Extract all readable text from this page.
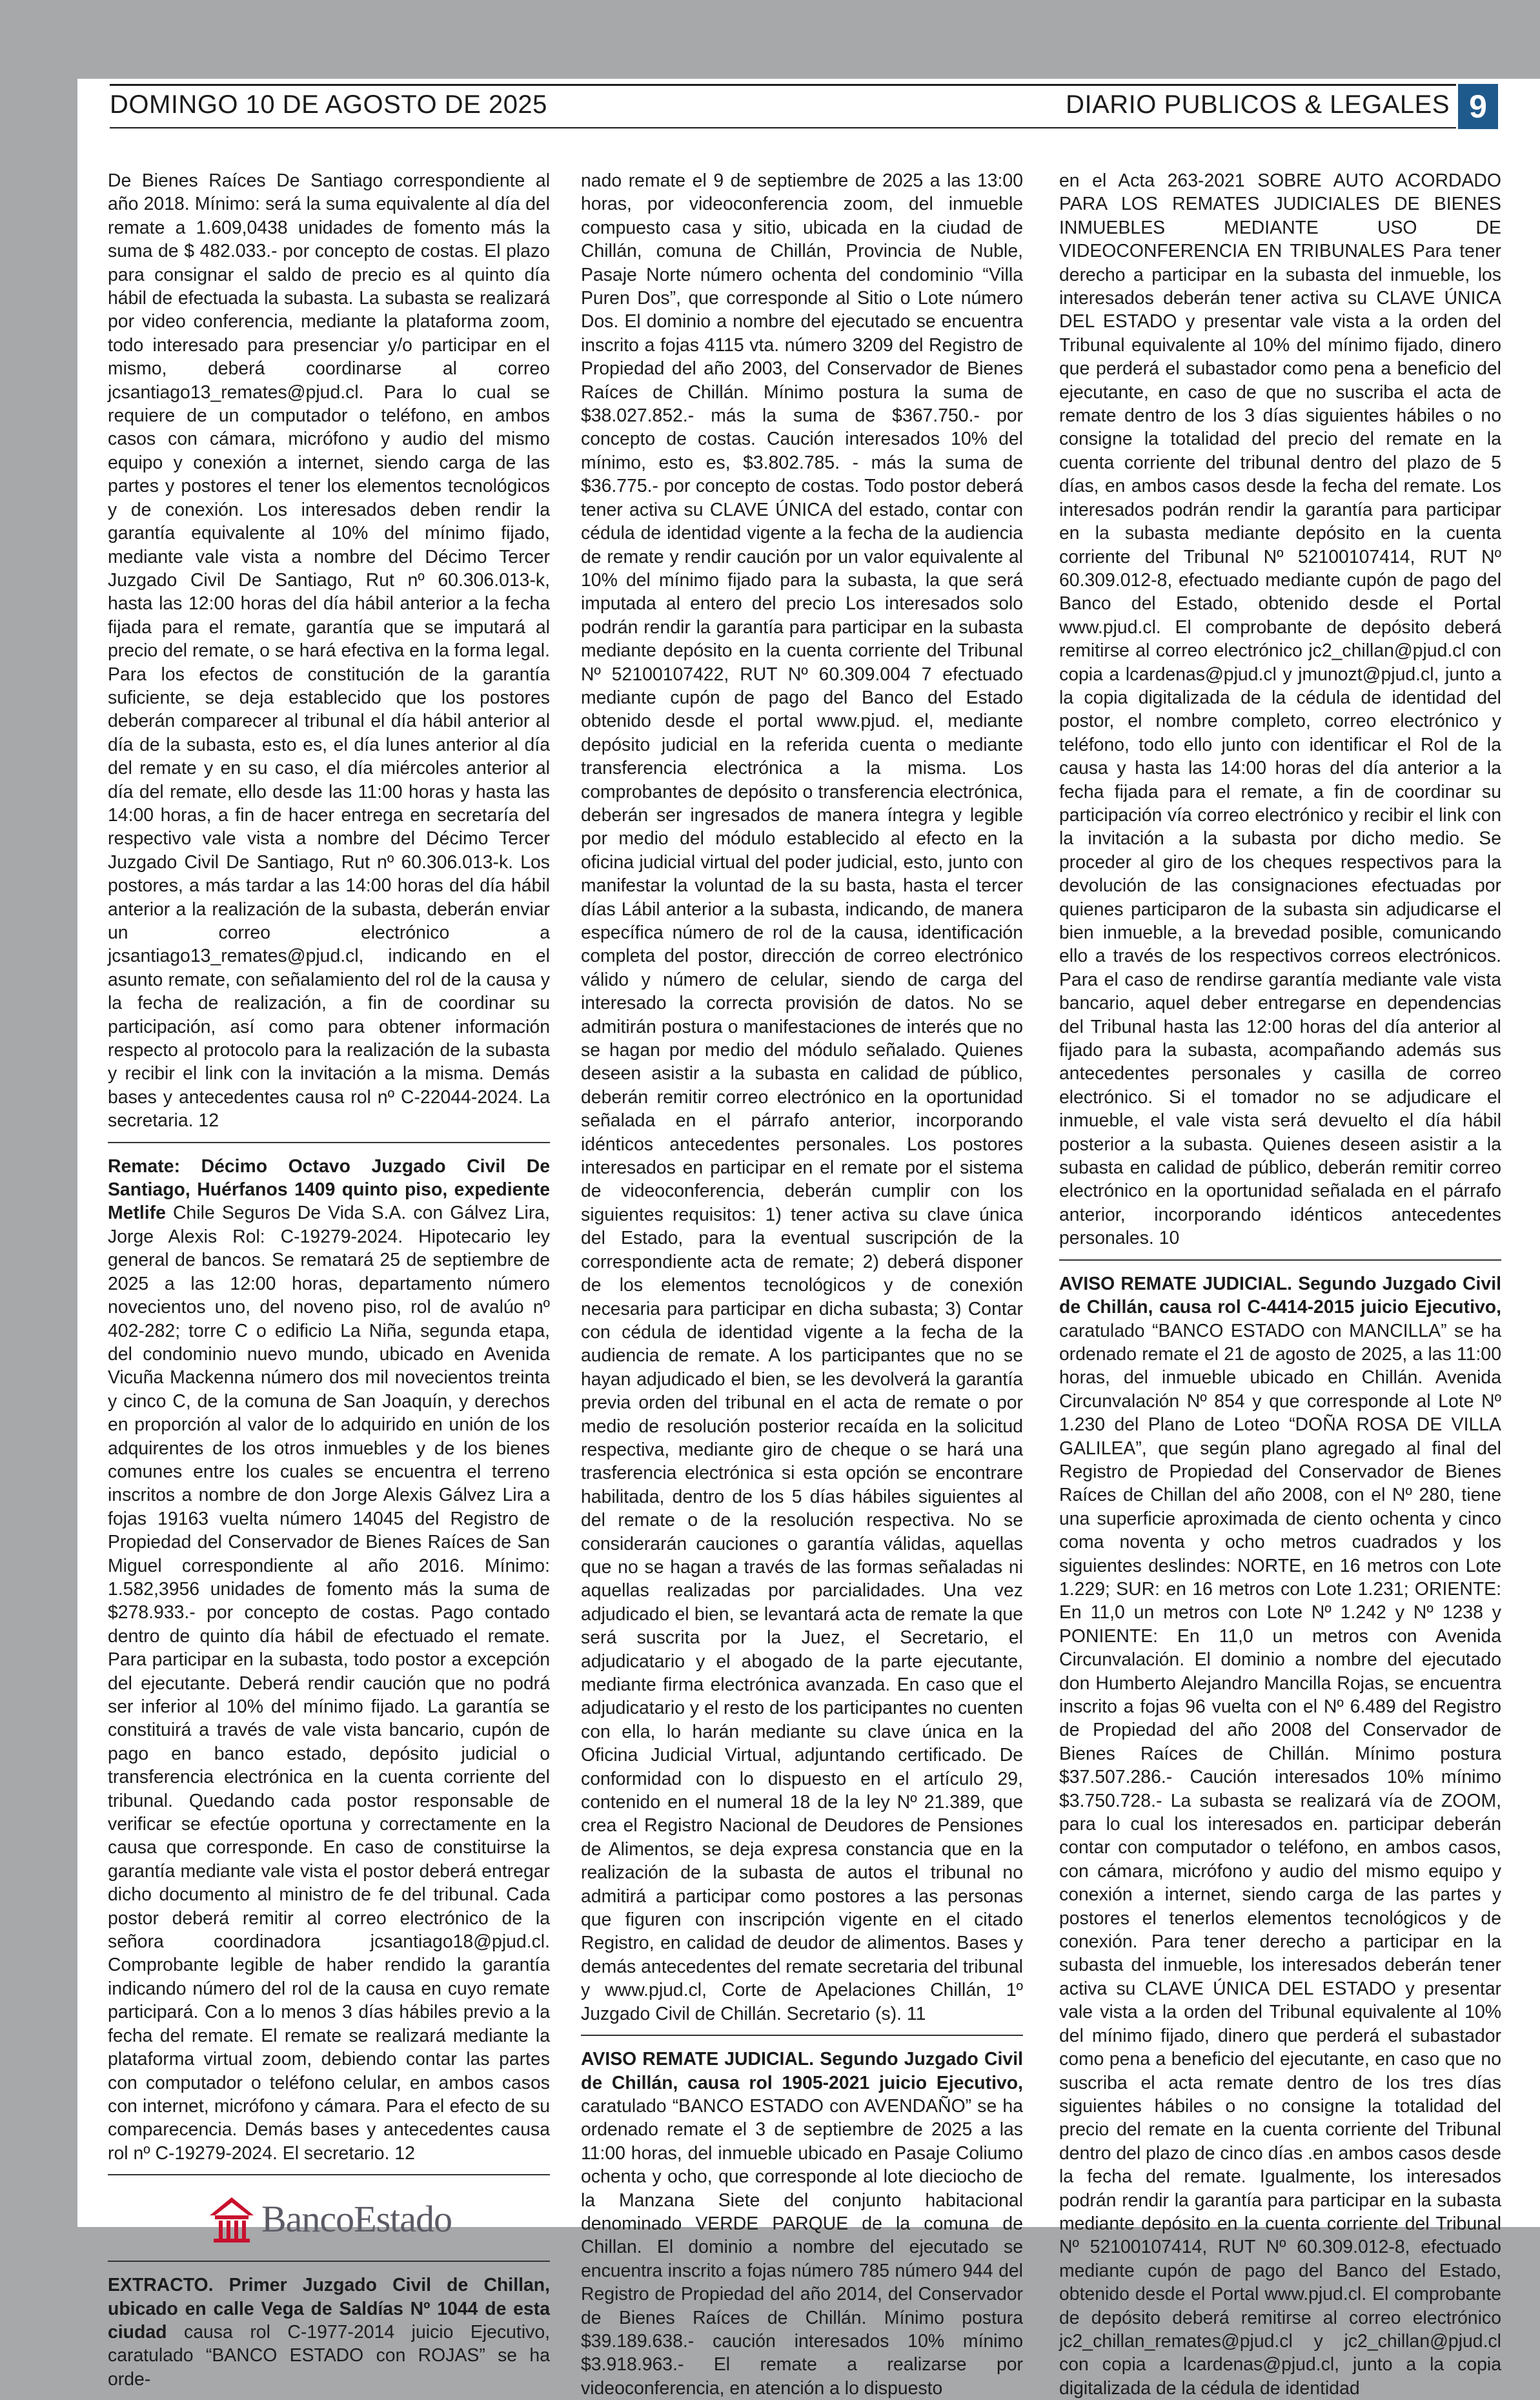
DOMINGO 10 DE AGOSTO DE 2025	DIARIO PUBLICOS & LEGALES 9

De Bienes Raíces De Santiago correspondiente al año 2018. Mínimo: será la suma equivalente al día del remate a 1.609,0438 unidades de fomento más la suma de $ 482.033.- por concepto de costas. El plazo para consignar el saldo de precio es al quinto día hábil de efectuada la subasta. La subasta se realizará por video conferencia, mediante la plataforma zoom, todo interesado para presenciar y/o participar en el mismo, deberá coordinarse al correo jcsantiago13_remates@pjud.cl. Para lo cual se requiere de un computador o teléfono, en ambos casos con cámara, micrófono y audio del mismo equipo y conexión a internet, siendo carga de las partes y postores el tener los elementos tecnológicos y de conexión. Los interesados deben rendir la garantía equivalente al 10% del mínimo fijado, mediante vale vista a nombre del Décimo Tercer Juzgado Civil De Santiago, Rut nº 60.306.013-k, hasta las 12:00 horas del día hábil anterior a la fecha fijada para el remate, garantía que se imputará al precio del remate, o se hará efectiva en la forma legal. Para los efectos de constitución de la garantía suficiente, se deja establecido que los postores deberán comparecer al tribunal el día hábil anterior al día de la subasta, esto es, el día lunes anterior al día del remate y en su caso, el día miércoles anterior al día del remate, ello desde las 11:00 horas y hasta las 14:00 horas, a fin de hacer entrega en secretaría del respectivo vale vista a nombre del Décimo Tercer Juzgado Civil De Santiago, Rut nº 60.306.013-k. Los postores, a más tardar a las 14:00 horas del día hábil anterior a la realización de la subasta, deberán enviar un correo electrónico a jcsantiago13_remates@pjud.cl, indicando en el asunto remate, con señalamiento del rol de la causa y la fecha de realización, a fin de coordinar su participación, así como para obtener información respecto al protocolo para la realización de la subasta y recibir el link con la invitación a la misma. Demás bases y antecedentes causa rol nº C-22044-2024. La secretaria. 12

Remate: Décimo Octavo Juzgado Civil De Santiago, Huérfanos 1409 quinto piso, expediente Metlife Chile Seguros De Vida S.A. con Gálvez Lira, Jorge Alexis Rol: C-19279-2024. Hipotecario ley general de bancos. Se rematará 25 de septiembre de 2025 a las 12:00 horas, departamento número novecientos uno, del noveno piso, rol de avalúo nº 402-282; torre C o edificio La Niña, segunda etapa, del condominio nuevo mundo, ubicado en Avenida Vicuña Mackenna número dos mil novecientos treinta y cinco C, de la comuna de San Joaquín, y derechos en proporción al valor de lo adquirido en unión de los adquirentes de los otros inmuebles y de los bienes comunes entre los cuales se encuentra el terreno inscritos a nombre de don Jorge Alexis Gálvez Lira a fojas 19163 vuelta número 14045 del Registro de Propiedad del Conservador de Bienes Raíces de San Miguel correspondiente al año 2016. Mínimo: 1.582,3956 unidades de fomento más la suma de $278.933.- por concepto de costas. Pago contado dentro de quinto día hábil de efectuado el remate. Para participar en la subasta, todo postor a excepción del ejecutante. Deberá rendir caución que no podrá ser inferior al 10% del mínimo fijado. La garantía se constituirá a través de vale vista bancario, cupón de pago en banco estado, depósito judicial o transferencia electrónica en la cuenta corriente del tribunal. Quedando cada postor responsable de verificar se efectúe oportuna y correctamente en la causa que corresponde. En caso de constituirse la garantía mediante vale vista el postor deberá entregar dicho documento al ministro de fe del tribunal. Cada postor deberá remitir al correo electrónico de la señora coordinadora jcsantiago18@pjud.cl. Comprobante legible de haber rendido la garantía indicando número del rol de la causa en cuyo remate participará. Con a lo menos 3 días hábiles previo a la fecha del remate. El remate se realizará mediante la plataforma virtual zoom, debiendo contar las partes con computador o teléfono celular, en ambos casos con internet, micrófono y cámara. Para el efecto de su comparecencia. Demás bases y antecedentes causa rol nº C-19279-2024. El secretario. 12

BancoEstado

EXTRACTO. Primer Juzgado Civil de Chillan, ubicado en calle Vega de Saldías Nº 1044 de esta ciudad causa rol C-1977-2014 juicio Ejecutivo, caratulado “BANCO ESTADO con ROJAS” se ha orde-

nado remate el 9 de septiembre de 2025 a las 13:00 horas, por videoconferencia zoom, del inmueble compuesto casa y sitio, ubicada en la ciudad de Chillán, comuna de Chillán, Provincia de Nuble, Pasaje Norte número ochenta del condominio “Villa Puren Dos”, que corresponde al Sitio o Lote número Dos. El dominio a nombre del ejecutado se encuentra inscrito a fojas 4115 vta. número 3209 del Registro de Propiedad del año 2003, del Conservador de Bienes Raíces de Chillán. Mínimo postura la suma de $38.027.852.- más la suma de $367.750.- por concepto de costas. Caución interesados 10% del mínimo, esto es, $3.802.785. - más la suma de $36.775.- por concepto de costas. Todo postor deberá tener activa su CLAVE ÚNICA del estado, contar con cédula de identidad vigente a la fecha de la audiencia de remate y rendir caución por un valor equivalente al 10% del mínimo fijado para la subasta, la que será imputada al entero del precio Los interesados solo podrán rendir la garantía para participar en la subasta mediante depósito en la cuenta corriente del Tribunal Nº 52100107422, RUT Nº 60.309.004 7 efectuado mediante cupón de pago del Banco del Estado obtenido desde el portal www.pjud. el, mediante depósito judicial en la referida cuenta o mediante transferencia electrónica a la misma. Los comprobantes de depósito o transferencia electrónica, deberán ser ingresados de manera íntegra y legible por medio del módulo establecido al efecto en la oficina judicial virtual del poder judicial, esto, junto con manifestar la voluntad de la su basta, hasta el tercer días Lábil anterior a la subasta, indicando, de manera específica número de rol de la causa, identificación completa del postor, dirección de correo electrónico válido y número de celular, siendo de carga del interesado la correcta provisión de datos. No se admitirán postura o manifestaciones de interés que no se hagan por medio del módulo señalado. Quienes deseen asistir a la subasta en calidad de público, deberán remitir correo electrónico en la oportunidad señalada en el párrafo anterior, incorporando idénticos antecedentes personales. Los postores interesados en participar en el remate por el sistema de videoconferencia, deberán cumplir con los siguientes requisitos: 1) tener activa su clave única del Estado, para la eventual suscripción de la correspondiente acta de remate; 2) deberá disponer de los elementos tecnológicos y de conexión necesaria para participar en dicha subasta; 3) Contar con cédula de identidad vigente a la fecha de la audiencia de remate. A los participantes que no se hayan adjudicado el bien, se les devolverá la garantía previa orden del tribunal en el acta de remate o por medio de resolución posterior recaída en la solicitud respectiva, mediante giro de cheque o se hará una trasferencia electrónica si esta opción se encontrare habilitada, dentro de los 5 días hábiles siguientes al del remate o de la resolución respectiva. No se considerarán cauciones o garantía válidas, aquellas que no se hagan a través de las formas señaladas ni aquellas realizadas por parcialidades. Una vez adjudicado el bien, se levantará acta de remate la que será suscrita por la Juez, el Secretario, el adjudicatario y el abogado de la parte ejecutante, mediante firma electrónica avanzada. En caso que el adjudicatario y el resto de los participantes no cuenten con ella, lo harán mediante su clave única en la Oficina Judicial Virtual, adjuntando certificado. De conformidad con lo dispuesto en el artículo 29, contenido en el numeral 18 de la ley Nº 21.389, que crea el Registro Nacional de Deudores de Pensiones de Alimentos, se deja expresa constancia que en la realización de la subasta de autos el tribunal no admitirá a participar como postores a las personas que figuren con inscripción vigente en el citado Registro, en calidad de deudor de alimentos. Bases y demás antecedentes del remate secretaria del tribunal y www.pjud.cl, Corte de Apelaciones Chillán, 1º Juzgado Civil de Chillán. Secretario (s). 11

AVISO REMATE JUDICIAL. Segundo Juzgado Civil de Chillán, causa rol 1905-2021 juicio Ejecutivo, caratulado “BANCO ESTADO con AVENDAÑO” se ha ordenado remate el 3 de septiembre de 2025 a las 11:00 horas, del inmueble ubicado en Pasaje Coliumo ochenta y ocho, que corresponde al lote dieciocho de la Manzana Siete del conjunto habitacional denominado VERDE PARQUE de la comuna de Chillan. El dominio a nombre del ejecutado se encuentra inscrito a fojas número 785 número 944 del Registro de Propiedad del año 2014, del Conservador de Bienes Raíces de Chillán. Mínimo postura $39.189.638.- caución interesados 10% mínimo $3.918.963.- El remate a realizarse por videoconferencia, en atención a lo dispuesto

en el Acta 263-2021 SOBRE AUTO ACORDADO PARA LOS REMATES JUDICIALES DE BIENES INMUEBLES MEDIANTE USO DE VIDEOCONFERENCIA EN TRIBUNALES Para tener derecho a participar en la subasta del inmueble, los interesados deberán tener activa su CLAVE ÚNICA DEL ESTADO y presentar vale vista a la orden del Tribunal equivalente al 10% del mínimo fijado, dinero que perderá el subastador como pena a beneficio del ejecutante, en caso de que no suscriba el acta de remate dentro de los 3 días siguientes hábiles o no consigne la totalidad del precio del remate en la cuenta corriente del tribunal dentro del plazo de 5 días, en ambos casos desde la fecha del remate. Los interesados podrán rendir la garantía para participar en la subasta mediante depósito en la cuenta corriente del Tribunal Nº 52100107414, RUT Nº 60.309.012-8, efectuado mediante cupón de pago del Banco del Estado, obtenido desde el Portal www.pjud.cl. El comprobante de depósito deberá remitirse al correo electrónico jc2_chillan@pjud.cl con copia a lcardenas@pjud.cl y jmunozt@pjud.cl, junto a la copia digitalizada de la cédula de identidad del postor, el nombre completo, correo electrónico y teléfono, todo ello junto con identificar el Rol de la causa y hasta las 14:00 horas del día anterior a la fecha fijada para el remate, a fin de coordinar su participación vía correo electrónico y recibir el link con la invitación a la subasta por dicho medio. Se proceder al giro de los cheques respectivos para la devolución de las consignaciones efectuadas por quienes participaron de la subasta sin adjudicarse el bien inmueble, a la brevedad posible, comunicando ello a través de los respectivos correos electrónicos. Para el caso de rendirse garantía mediante vale vista bancario, aquel deber entregarse en dependencias del Tribunal hasta las 12:00 horas del día anterior al fijado para la subasta, acompañando además sus antecedentes personales y casilla de correo electrónico. Si el tomador no se adjudicare el inmueble, el vale vista será devuelto el día hábil posterior a la subasta. Quienes deseen asistir a la subasta en calidad de público, deberán remitir correo electrónico en la oportunidad señalada en el párrafo anterior, incorporando idénticos antecedentes personales. 10

AVISO REMATE JUDICIAL. Segundo Juzgado Civil de Chillán, causa rol C-4414-2015 juicio Ejecutivo, caratulado “BANCO ESTADO con MANCILLA” se ha ordenado remate el 21 de agosto de 2025, a las 11:00 horas, del inmueble ubicado en Chillán. Avenida Circunvalación Nº 854 y que corresponde al Lote Nº 1.230 del Plano de Loteo “DOÑA ROSA DE VILLA GALILEA”, que según plano agregado al final del Registro de Propiedad del Conservador de Bienes Raíces de Chillan del año 2008, con el Nº 280, tiene una superficie aproximada de ciento ochenta y cinco coma noventa y ocho metros cuadrados y los siguientes deslindes: NORTE, en 16 metros con Lote 1.229; SUR: en 16 metros con Lote 1.231; ORIENTE: En 11,0 un metros con Lote Nº 1.242 y Nº 1238 y PONIENTE: En 11,0 un metros con Avenida Circunvalación. El dominio a nombre del ejecutado don Humberto Alejandro Mancilla Rojas, se encuentra inscrito a fojas 96 vuelta con el Nº 6.489 del Registro de Propiedad del año 2008 del Conservador de Bienes Raíces de Chillán. Mínimo postura $37.507.286.- Caución interesados 10% mínimo $3.750.728.- La subasta se realizará vía de ZOOM, para lo cual los interesados en. participar deberán contar con computador o teléfono, en ambos casos, con cámara, micrófono y audio del mismo equipo y conexión a internet, siendo carga de las partes y postores el tenerlos elementos tecnológicos y de conexión. Para tener derecho a participar en la subasta del inmueble, los interesados deberán tener activa su CLAVE ÚNICA DEL ESTADO y presentar vale vista a la orden del Tribunal equivalente al 10% del mínimo fijado, dinero que perderá el subastador como pena a beneficio del ejecutante, en caso que no suscriba el acta remate dentro de los tres días siguientes hábiles o no consigne la totalidad del precio del remate en la cuenta corriente del Tribunal dentro del plazo de cinco días .en ambos casos desde la fecha del remate. Igualmente, los interesados podrán rendir la garantía para participar en la subasta mediante depósito en la cuenta corriente del Tribunal Nº 52100107414, RUT Nº 60.309.012-8, efectuado mediante cupón de pago del Banco del Estado, obtenido desde el Portal www.pjud.cl. El comprobante de depósito deberá remitirse al correo electrónico jc2_chillan_remates@pjud.cl y jc2_chillan@pjud.cl con copia a lcardenas@pjud.cl, junto a la copia digitalizada de la cédula de identidad
